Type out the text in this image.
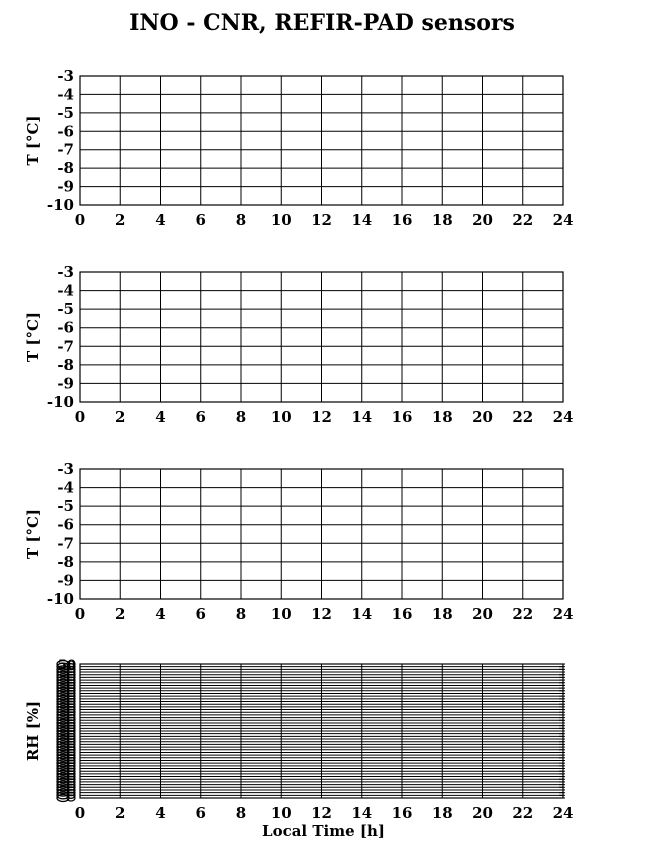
INO - CNR, REFIR-PAD sensors
-3
-4
-5
-6
-7
-8
-9
-10
0 2 4 6 8 10 12 14 16 18 20 22 24
T [°C]
-3
-4
-5
-6
-7
-8
-9
-10
0 2 4 6 8 10 12 14 16 18 20 22 24
T [°C]
-3
-4
-5
-6
-7
-8
-9
-10
0 2 4 6 8 10 12 14 16 18 20 22 24
T [°C]
50
0 2 4 6 8 10 12 14 16 18 20 22 24
RH [%]
Local Time [h]
